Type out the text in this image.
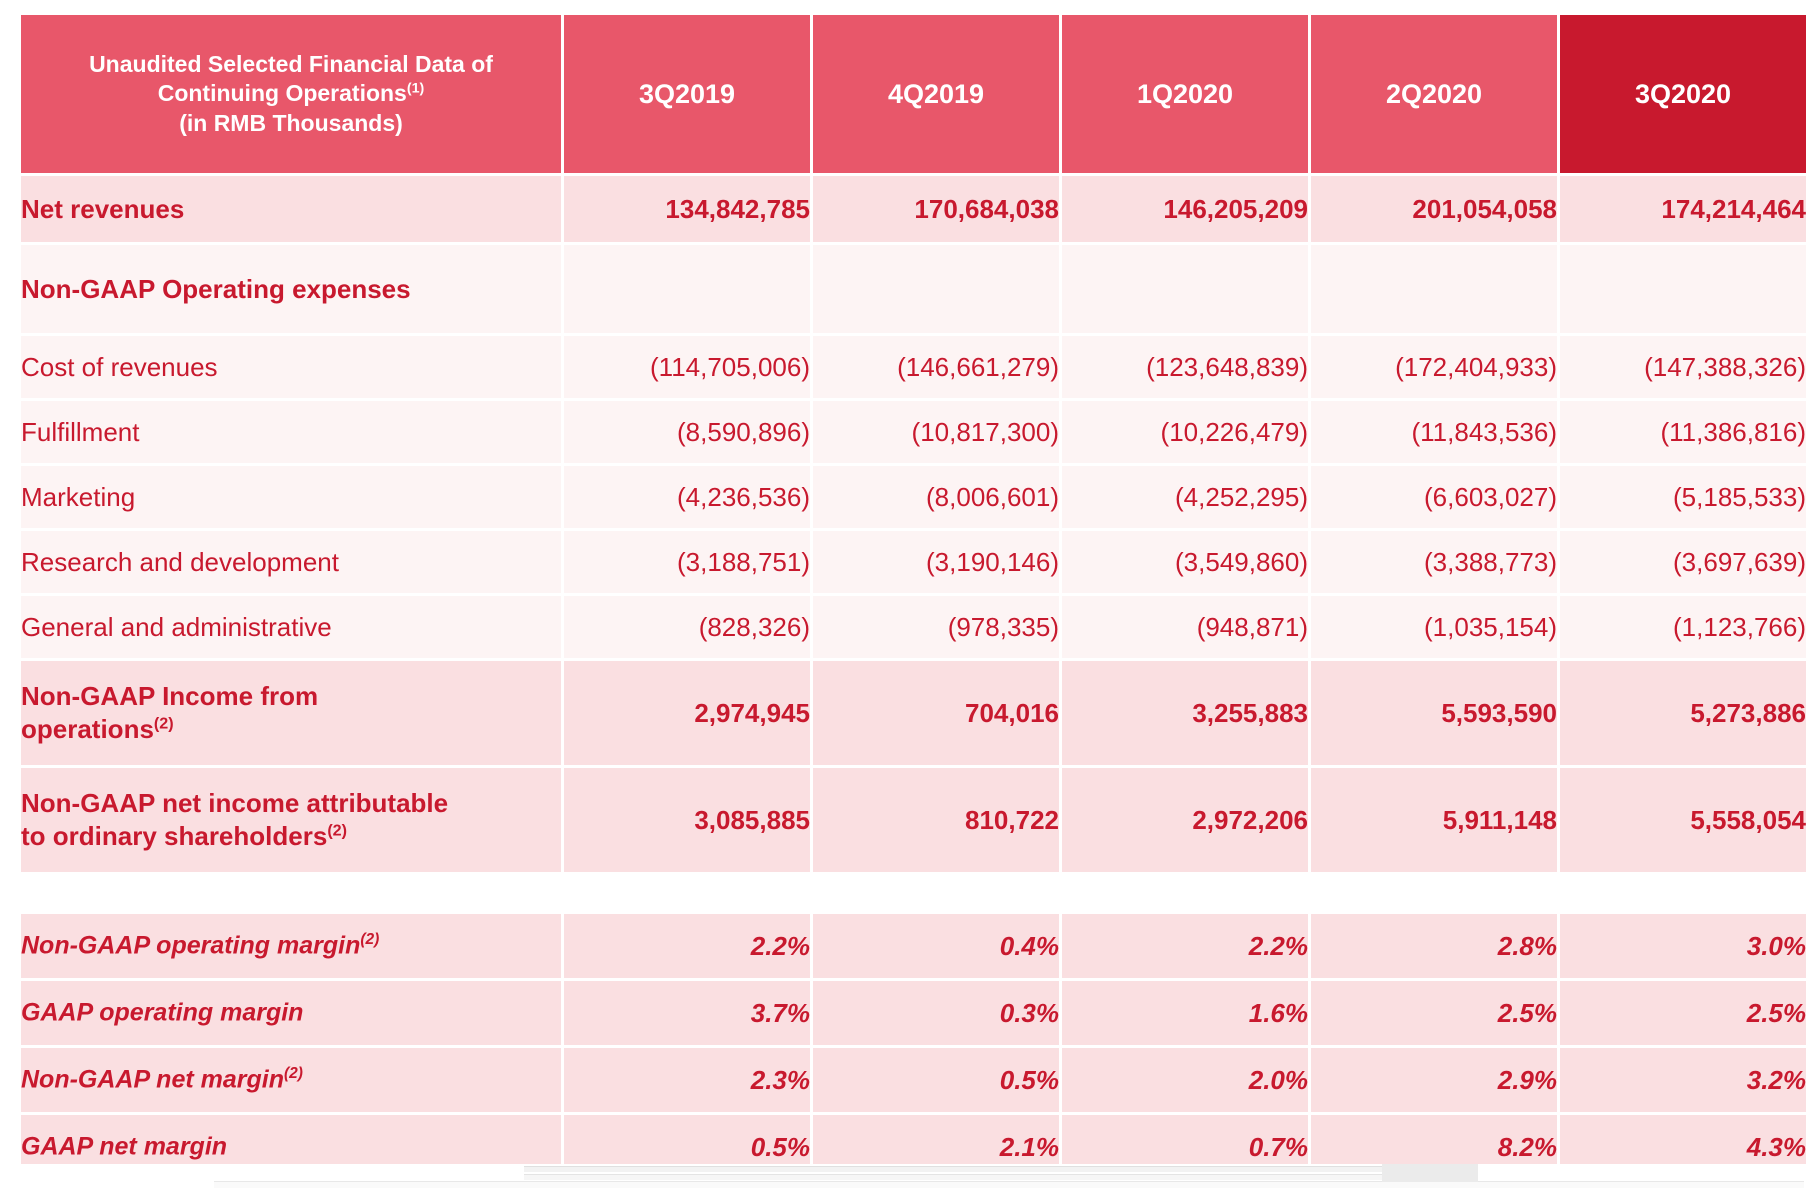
Unaudited Selected Financial Data of
Continuing Operations$^{(1)}$
(in RMB Thousands)	3Q2019	4Q2019	1Q2020	2Q2020	3Q2020
Net revenues	134,842,785	170,684,038	146,205,209	201,054,058	174,214,464
Non-GAAP Operating expenses					
Cost of revenues	(114,705,006)	(146,661,279)	(123,648,839)	(172,404,933)	(147,388,326)
Fulfillment	(8,590,896)	(10,817,300)	(10,226,479)	(11,843,536)	(11,386,816)
Marketing	(4,236,536)	(8,006,601)	(4,252,295)	(6,603,027)	(5,185,533)
Research and development	(3,188,751)	(3,190,146)	(3,549,860)	(3,388,773)	(3,697,639)
General and administrative	(828,326)	(978,335)	(948,871)	(1,035,154)	(1,123,766)
Non-GAAP Income from
operations$^{(2)}$	2,974,945	704,016	3,255,883	5,593,590	5,273,886
Non-GAAP net income attributable
to ordinary shareholders$^{(2)}$	3,085,885	810,722	2,972,206	5,911,148	5,558,054

Non-GAAP operating margin$^{(2)}$	2.2%	0.4%	2.2%	2.8%	3.0%
GAAP operating margin	3.7%	0.3%	1.6%	2.5%	2.5%
Non-GAAP net margin$^{(2)}$	2.3%	0.5%	2.0%	2.9%	3.2%
GAAP net margin	0.5%	2.1%	0.7%	8.2%	4.3%
